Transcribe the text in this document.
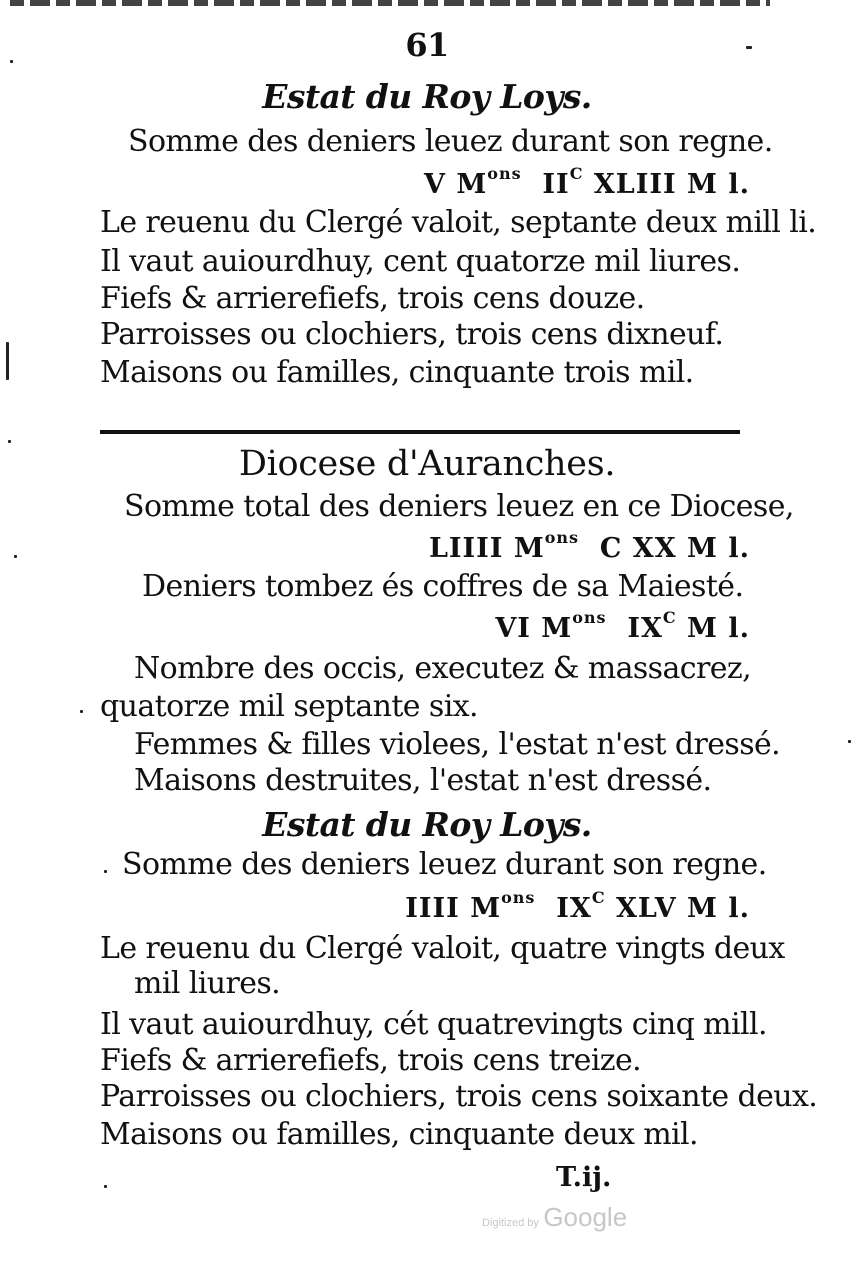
61
Estat du Roy Loys.
Somme des deniers leuez durant son regne.
V $M^{ons}$ $II^C$ XLIII M l.
Le reuenu du Clergé valoit, septante deux mill li.
Il vaut auiourdhuy, cent quatorze mil liures.
Fiefs & arrierefiefs, trois cens douze.
Parroisses ou clochiers, trois cens dixneuf.
Maisons ou familles, cinquante trois mil.
Diocese d'Auranches.
Somme total des deniers leuez en ce Diocese,
LIIII $M^{ons}$ C XX M l.
Deniers tombez és coffres de sa Maiesté.
VI $M^{ons}$ $IX^C$ M l.
Nombre des occis, executez & massacrez,
quatorze mil septante six.
Femmes & filles violees, l'estat n'est dressé.
Maisons destruites, l'estat n'est dressé.
Estat du Roy Loys.
Somme des deniers leuez durant son regne.
IIII $M^{ons}$ $IX^C$ XLV M l.
Le reuenu du Clergé valoit, quatre vingts deux
mil liures.
Il vaut auiourdhuy, cét quatrevingts cinq mill.
Fiefs & arrierefiefs, trois cens treize.
Parroisses ou clochiers, trois cens soixante deux.
Maisons ou familles, cinquante deux mil.
T.ij.
Digitized by Google
